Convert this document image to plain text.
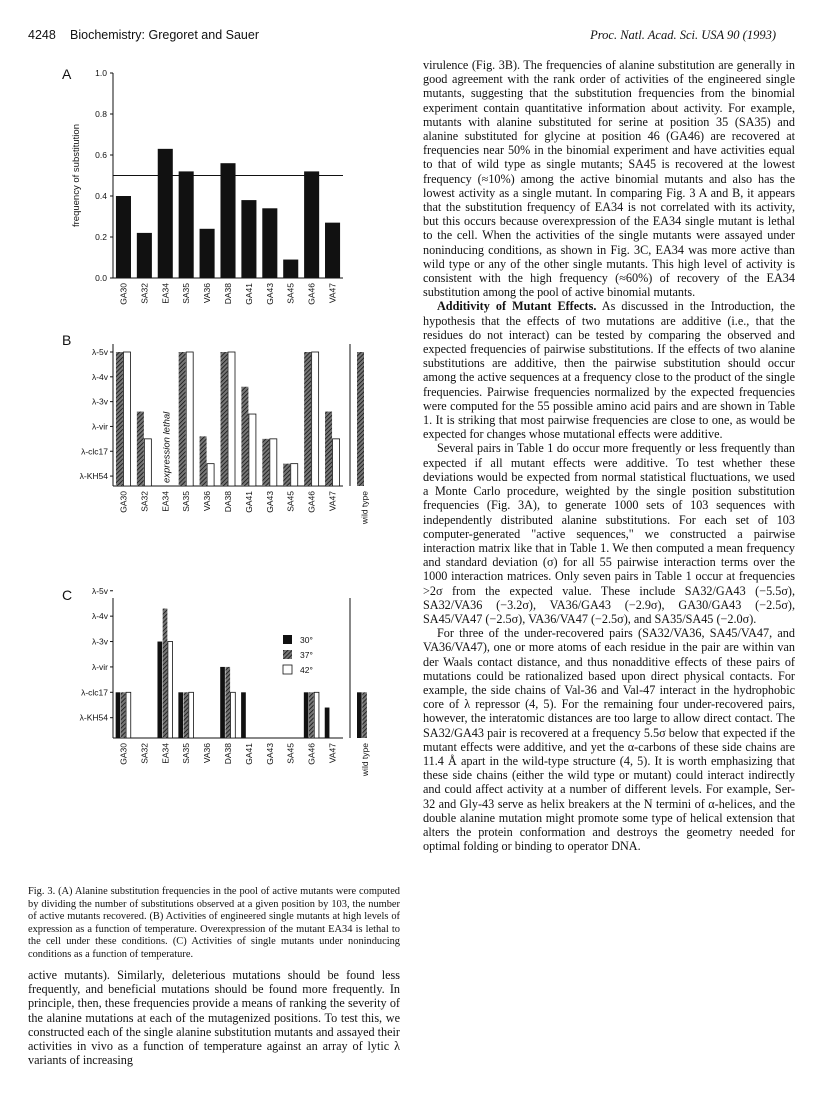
4248 Biochemistry: Gregoret and Sauer	Proc. Natl. Acad. Sci. USA 90 (1993)
A
0.0
0.2
0.4
0.6
0.8
1.0
frequency of substitution
GA30 SA32 EA34 SA35 VA36 DA38 GA41 GA43 SA45 GA46 VA47
B
λ-KH54
λ-clc17
λ-vir
λ-3v
λ-4v
λ-5v
GA30 SA32 EA34 SA35 VA36 DA38 GA41 GA43 SA45 GA46 VA47	wild type
expression lethal
C
λ-KH54
λ-clc17
λ-vir
λ-3v
λ-4v
λ-5v
GA30 SA32 EA34 SA35 VA36 DA38 GA41 GA43 SA45 GA46 VA47	wild type
30°
37°
42°
Fig. 3. (A) Alanine substitution frequencies in the pool of active mutants were computed by dividing the number of substitutions observed at a given position by 103, the number of active mutants recovered. (B) Activities of engineered single mutants at high levels of expression as a function of temperature. Overexpression of the mutant EA34 is lethal to the cell under these conditions. (C) Activities of single mutants under noninducing conditions as a function of temperature.

active mutants). Similarly, deleterious mutations should be found less frequently, and beneficial mutations should be found more frequently. In principle, then, these frequencies provide a means of ranking the severity of the alanine mutations at each of the mutagenized positions. To test this, we constructed each of the single alanine substitution mutants and assayed their activities in vivo as a function of temperature against an array of lytic λ variants of increasing

virulence (Fig. 3B). The frequencies of alanine substitution are generally in good agreement with the rank order of activities of the engineered single mutants, suggesting that the substitution frequencies from the binomial experiment contain quantitative information about activity. For example, mutants with alanine substituted for serine at position 35 (SA35) and alanine substituted for glycine at position 46 (GA46) are recovered at frequencies near 50% in the binomial experiment and have activities equal to that of wild type as single mutants; SA45 is recovered at the lowest frequency (≈10%) among the active binomial mutants and also has the lowest activity as a single mutant. In comparing Fig. 3 A and B, it appears that the substitution frequency of EA34 is not correlated with its activity, but this occurs because overexpression of the EA34 single mutant is lethal to the cell. When the activities of the single mutants were assayed under noninducing conditions, as shown in Fig. 3C, EA34 was more active than wild type or any of the other single mutants. This high level of activity is consistent with the high frequency (≈60%) of recovery of the EA34 substitution among the pool of active binomial mutants.

Additivity of Mutant Effects. As discussed in the Introduction, the hypothesis that the effects of two mutations are additive (i.e., that the residues do not interact) can be tested by comparing the observed and expected frequencies of pairwise substitutions. If the effects of two alanine substitutions are additive, then the pairwise substitution should occur among the active sequences at a frequency close to the product of the single frequencies. Pairwise frequencies normalized by the expected frequencies were computed for the 55 possible amino acid pairs and are shown in Table 1. It is striking that most pairwise frequencies are close to one, as would be expected for changes whose mutational effects were additive.

Several pairs in Table 1 do occur more frequently or less frequently than expected if all mutant effects were additive. To test whether these deviations would be expected from normal statistical fluctuations, we used a Monte Carlo procedure, weighted by the single position substitution frequencies (Fig. 3A), to generate 1000 sets of 103 sequences with independently distributed alanine substitutions. For each set of 103 computer-generated "active sequences," we constructed a pairwise interaction matrix like that in Table 1. We then computed a mean frequency and standard deviation (σ) for all 55 pairwise interaction terms over the 1000 interaction matrices. Only seven pairs in Table 1 occur at frequencies >2σ from the expected value. These include SA32/GA43 (−5.5σ), SA32/VA36 (−3.2σ), VA36/GA43 (−2.9σ), GA30/GA43 (−2.5σ), SA45/VA47 (−2.5σ), VA36/VA47 (−2.5σ), and SA35/SA45 (−2.0σ).

For three of the under-recovered pairs (SA32/VA36, SA45/VA47, and VA36/VA47), one or more atoms of each residue in the pair are within van der Waals contact distance, and thus nonadditive effects of these pairs of mutations could be rationalized based upon direct physical contacts. For example, the side chains of Val-36 and Val-47 interact in the hydrophobic core of λ repressor (4, 5). For the remaining four under-recovered pairs, however, the interatomic distances are too large to allow direct contact. The SA32/GA43 pair is recovered at a frequency 5.5σ below that expected if the mutant effects were additive, and yet the α-carbons of these side chains are 11.4 Å apart in the wild-type structure (4, 5). It is worth emphasizing that these side chains (either the wild type or mutant) could interact indirectly and could affect activity at a number of different levels. For example, Ser-32 and Gly-43 serve as helix breakers at the N termini of α-helices, and the double alanine mutation might promote some type of helical extension that alters the protein conformation and destroys the geometry needed for optimal folding or binding to operator DNA.
